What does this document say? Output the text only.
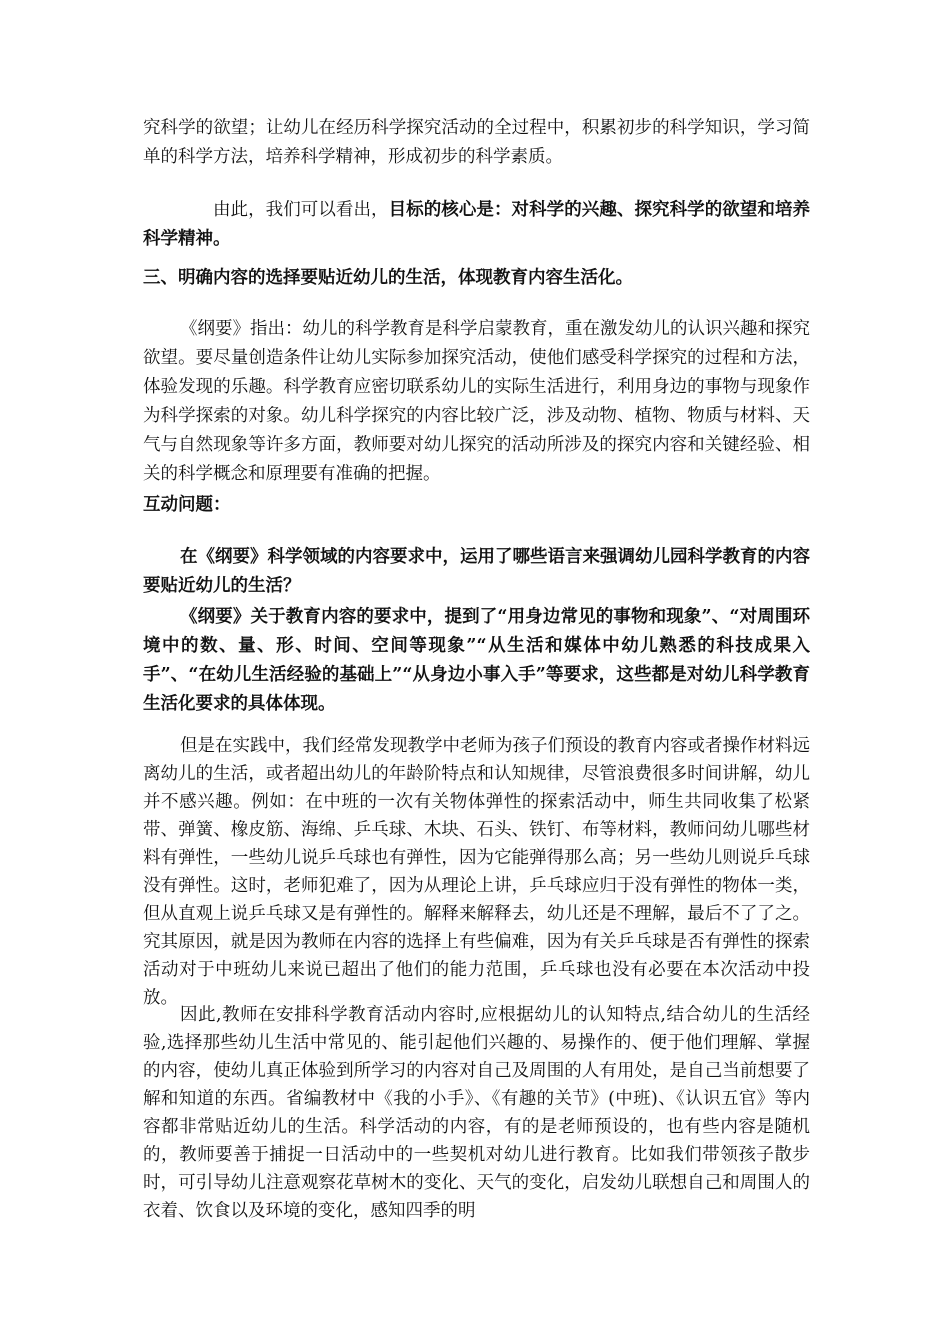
究科学的欲望；让幼儿在经历科学探究活动的全过程中，积累初步的科学知识，学习简单的科学方法，培养科学精神，形成初步的科学素质。

由此，我们可以看出，目标的核心是：对科学的兴趣、探究科学的欲望和培养科学精神。

三、明确内容的选择要贴近幼儿的生活，体现教育内容生活化。

《纲要》指出：幼儿的科学教育是科学启蒙教育，重在激发幼儿的认识兴趣和探究欲望。要尽量创造条件让幼儿实际参加探究活动，使他们感受科学探究的过程和方法，体验发现的乐趣。科学教育应密切联系幼儿的实际生活进行，利用身边的事物与现象作为科学探索的对象。幼儿科学探究的内容比较广泛，涉及动物、植物、物质与材料、天气与自然现象等许多方面，教师要对幼儿探究的活动所涉及的探究内容和关键经验、相关的科学概念和原理要有准确的把握。

互动问题：

在《纲要》科学领域的内容要求中，运用了哪些语言来强调幼儿园科学教育的内容要贴近幼儿的生活？

《纲要》关于教育内容的要求中，提到了“用身边常见的事物和现象”、“对周围环境中的数、量、形、时间、空间等现象”“从生活和媒体中幼儿熟悉的科技成果入手”、“在幼儿生活经验的基础上”“从身边小事入手”等要求，这些都是对幼儿科学教育生活化要求的具体体现。

但是在实践中，我们经常发现教学中老师为孩子们预设的教育内容或者操作材料远离幼儿的生活，或者超出幼儿的年龄阶特点和认知规律，尽管浪费很多时间讲解，幼儿并不感兴趣。例如：在中班的一次有关物体弹性的探索活动中，师生共同收集了松紧带、弹簧、橡皮筋、海绵、乒乓球、木块、石头、铁钉、布等材料，教师问幼儿哪些材料有弹性，一些幼儿说乒乓球也有弹性，因为它能弹得那么高；另一些幼儿则说乒乓球没有弹性。这时，老师犯难了，因为从理论上讲，乒乓球应归于没有弹性的物体一类，但从直观上说乒乓球又是有弹性的。解释来解释去，幼儿还是不理解，最后不了了之。究其原因，就是因为教师在内容的选择上有些偏难，因为有关乒乓球是否有弹性的探索活动对于中班幼儿来说已超出了他们的能力范围，乒乓球也没有必要在本次活动中投放。

因此,教师在安排科学教育活动内容时,应根据幼儿的认知特点,结合幼儿的生活经验,选择那些幼儿生活中常见的、能引起他们兴趣的、易操作的、便于他们理解、掌握的内容，使幼儿真正体验到所学习的内容对自己及周围的人有用处，是自己当前想要了解和知道的东西。省编教材中《我的小手》、《有趣的关节》(中班)、《认识五官》等内容都非常贴近幼儿的生活。科学活动的内容，有的是老师预设的，也有些内容是随机的，教师要善于捕捉一日活动中的一些契机对幼儿进行教育。比如我们带领孩子散步时，可引导幼儿注意观察花草树木的变化、天气的变化，启发幼儿联想自己和周围人的衣着、饮食以及环境的变化，感知四季的明
